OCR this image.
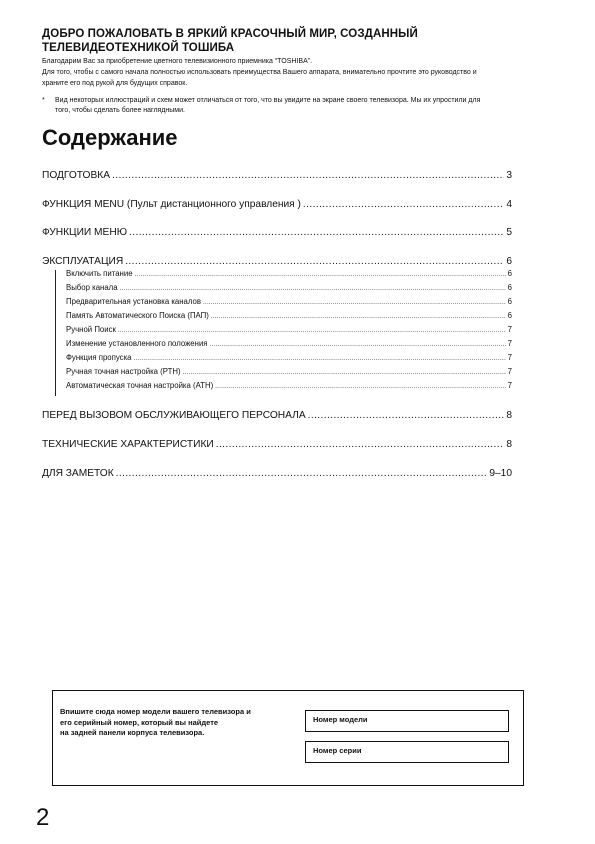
ДОБРО ПОЖАЛОВАТЬ В ЯРКИЙ КРАСОЧНЫЙ МИР, СОЗДАННЫЙ
ТЕЛЕВИДЕОТЕХНИКОЙ ТОШИБА
Благодарим Вас за приобретение цветного телевизионного приемника “TOSHIBA”.
Для того, чтобы с самого начала полностью использовать преимущества Вашего аппарата, внимательно прочтите это руководство и
храните его под рукой для будущих справок.
* Вид некоторых иллюстраций и схем может отличаться от того, что вы увидите на экране своего телевизора. Мы их упростили для
того, чтобы сделать более наглядными.
Содержание
ПОДГОТОВКА .....	3
ФУНКЦИЯ MENU (Пульт дистанционного управления ) .....	4
ФУНКЦИИ МЕНЮ .....	5
ЭКСПЛУАТАЦИЯ .....	6
Включить питание .....	6
Выбор канала .....	6
Предварительная установка каналов .....	6
Память Автоматического Поиска (ПАП) .....	6
Ручной Поиск .....	7
Изменение установленного положения .....	7
Функция пропуска .....	7
Ручная точная настройка (РТН) .....	7
Автоматическая точная настройка (АТН) .....	7
ПЕРЕД ВЫЗОВОМ ОБСЛУЖИВАЮЩЕГО ПЕРСОНАЛА .....	8
ТЕХНИЧЕСКИЕ ХАРАКТЕРИСТИКИ .....	8
ДЛЯ ЗАМЕТОК .....	9–10
Впишите сюда номер модели вашего телевизора и
его серийный номер, который вы найдете
на задней панели корпуса телевизора.
Номер модели
Номер серии
2
